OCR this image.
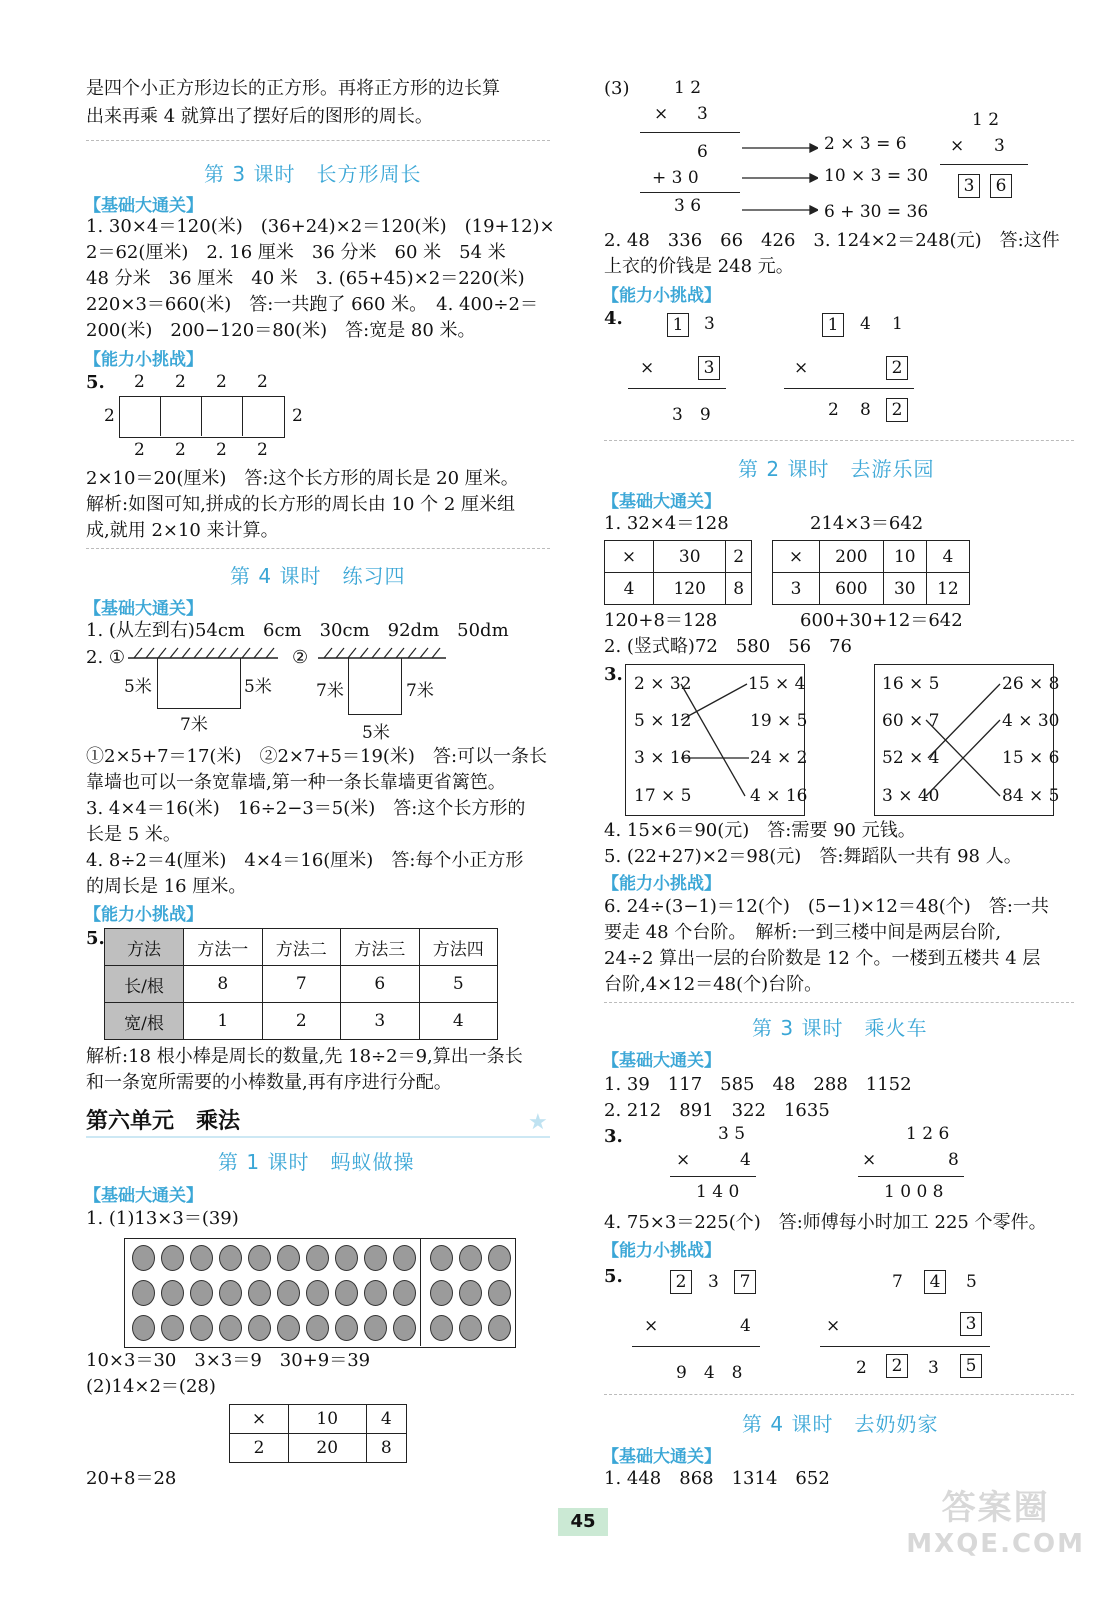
是四个小正方形边长的正方形。再将正方形的边长算
出来再乘 4 就算出了摆好后的图形的周长。
第 3 课时　长方形周长
【基础大通关】
1. 30×4＝120(米)　(36+24)×2＝120(米)　(19+12)×
2＝62(厘米)　2. 16 厘米　36 分米　60 米　54 米
48 分米　36 厘米　40 米　3. (65+45)×2＝220(米)
220×3＝660(米)　答:一共跑了 660 米。　4. 400÷2＝
200(米)　200−120＝80(米)　答:宽是 80 米。
【能力小挑战】
5. 2 2 2 2
2	2
2 2 2 2
2×10＝20(厘米)　答:这个长方形的周长是 20 厘米。
解析:如图可知,拼成的长方形的周长由 10 个 2 厘米组
成,就用 2×10 来计算。
第 4 课时　练习四
【基础大通关】
1. (从左到右)54cm　6cm　30cm　92dm　50dm
2. ①
5米	5米
7米
②
7米	7米
5米
①2×5+7＝17(米)　②2×7+5＝19(米)　答:可以一条长
靠墙也可以一条宽靠墙,第一种一条长靠墙更省篱笆。
3. 4×4＝16(米)　16÷2−3＝5(米)　答:这个长方形的
长是 5 米。
4. 8÷2＝4(厘米)　4×4＝16(厘米)　答:每个小正方形
的周长是 16 厘米。
【能力小挑战】
5.
方法	方法一	方法二	方法三	方法四
长/根	8	7	6	5
宽/根	1	2	3	4
解析:18 根小棒是周长的数量,先 18÷2＝9,算出一条长
和一条宽所需要的小棒数量,再有序进行分配。
第六单元　乘法	★
第 1 课时　蚂蚁做操
【基础大通关】
1. (1)13×3＝(39)
10×3＝30　3×3＝9　30+9＝39
(2)14×2＝(28)
×	10	4
2	20	8
20+8＝28
(3)	1 2
× 3
6
+ 3 0
3 6
2 × 3 = 6
10 × 3 = 30
6 + 30 = 36
1 2
× 3
3	6
2. 48　336　66　426　3. 124×2＝248(元)　答:这件
上衣的价钱是 248 元。
【能力小挑战】
4.	1	3
×	3
3　9
1	4 1
×	2
2 8	2
第 2 课时　去游乐园
【基础大通关】
1. 32×4＝128	214×3＝642
×	30	2
4	120	8
×	200	10	4
3	600	30	12
120+8＝128	600+30+12＝642
2. (竖式略)72　580　56　76
3. 2 × 32
5 × 12
3 × 16
17 × 5
15 × 4
19 × 5
24 × 2
4 × 16
16 × 5
60 × 7
52 × 4
3 × 40
26 × 8
4 × 30
15 × 6
84 × 5
4. 15×6＝90(元)　答:需要 90 元钱。
5. (22+27)×2＝98(元)　答:舞蹈队一共有 98 人。
【能力小挑战】
6. 24÷(3−1)＝12(个)　(5−1)×12＝48(个)　答:一共
要走 48 个台阶。　解析:一到三楼中间是两层台阶,
24÷2 算出一层的台阶数是 12 个。一楼到五楼共 4 层
台阶,4×12＝48(个)台阶。
第 3 课时　乘火车
【基础大通关】
1. 39　117　585　48　288　1152
2. 212　891　322　1635
3.	3 5
×	4
1 4 0
1 2 6
×	8
1 0 0 8
4. 75×3＝225(个)　答:师傅每小时加工 225 个零件。
【能力小挑战】
5.	2	3	7
×	4
9　4　8
7	4	5
×	3
2	2	3	5
第 4 课时　去奶奶家
【基础大通关】
1. 448　868　1314　652
45	答案圈
MXQE.COM
